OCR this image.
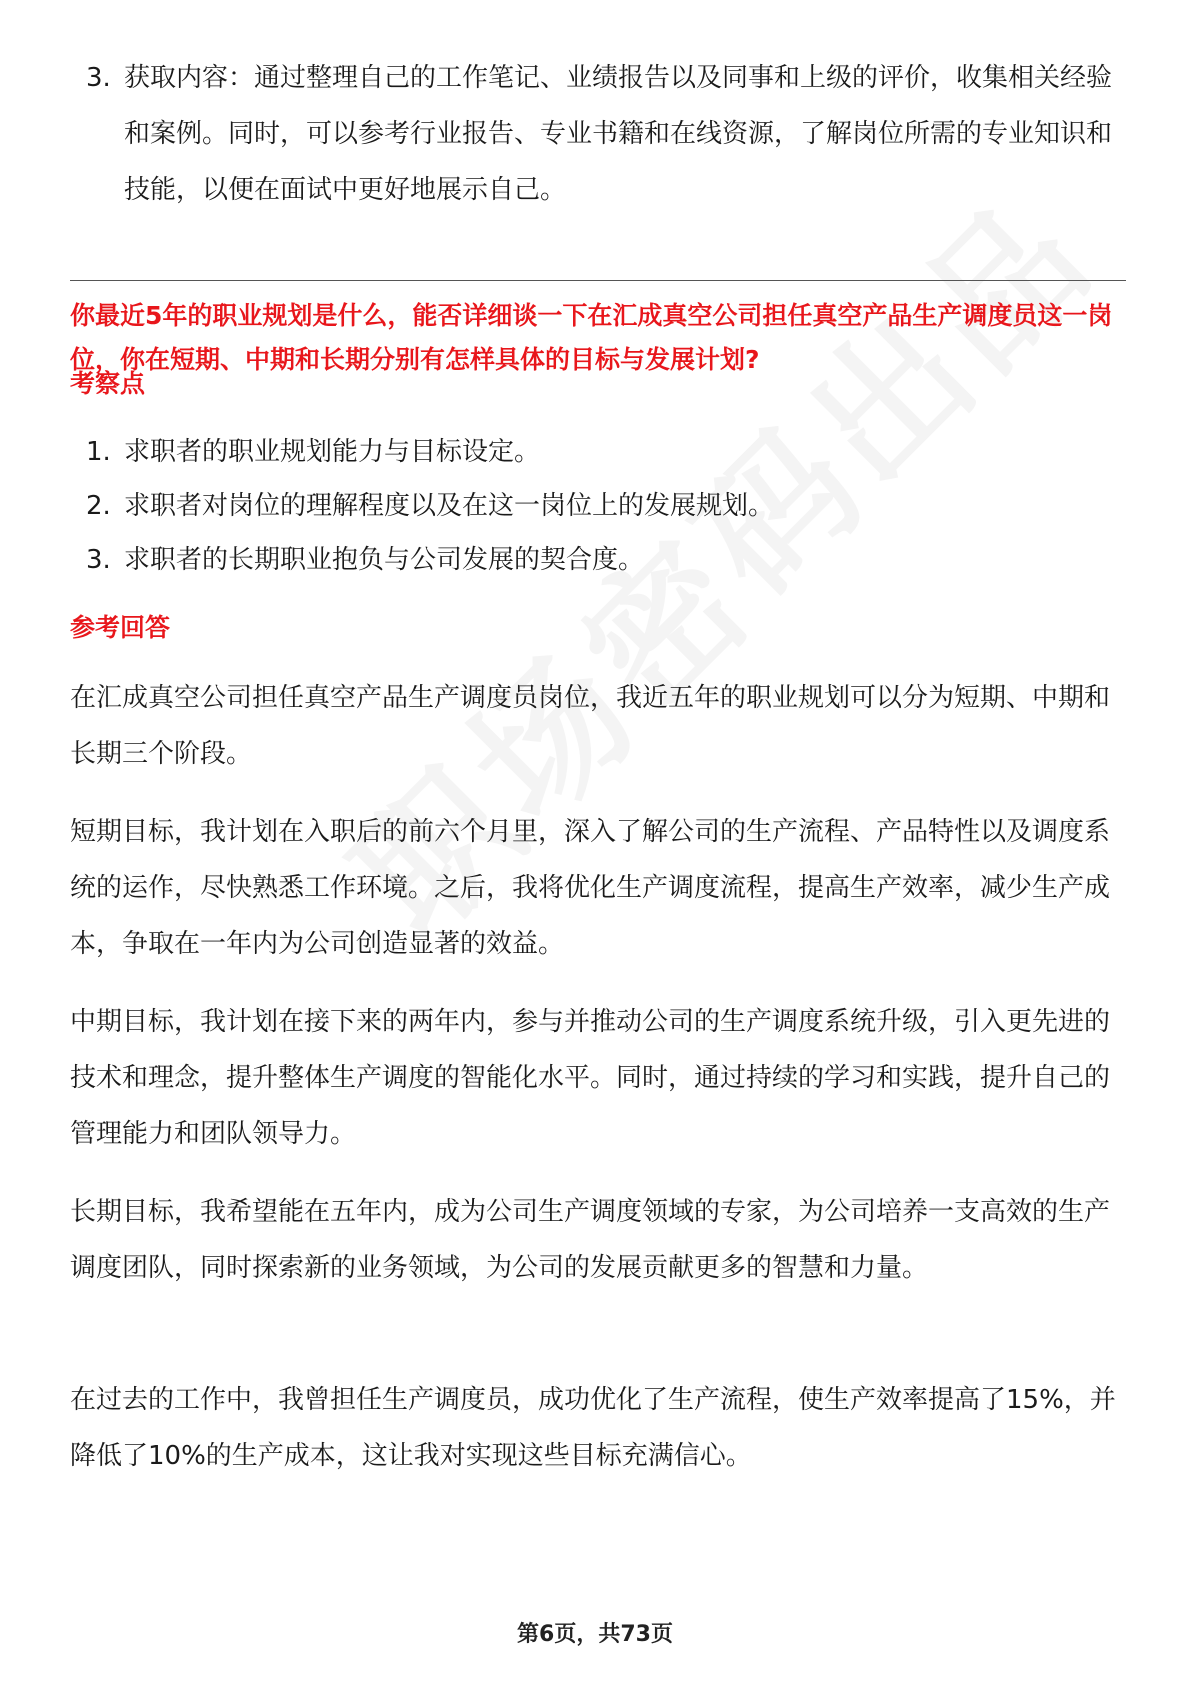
3. 获取内容：通过整理自己的工作笔记、业绩报告以及同事和上级的评价，收集相关经验和案例。同时，可以参考行业报告、专业书籍和在线资源，了解岗位所需的专业知识和技能，以便在面试中更好地展示自己。
你最近5年的职业规划是什么，能否详细谈一下在汇成真空公司担任真空产品生产调度员这一岗位，你在短期、中期和长期分别有怎样具体的目标与发展计划?
考察点
1. 求职者的职业规划能力与目标设定。
2. 求职者对岗位的理解程度以及在这一岗位上的发展规划。
3. 求职者的长期职业抱负与公司发展的契合度。
参考回答
在汇成真空公司担任真空产品生产调度员岗位，我近五年的职业规划可以分为短期、中期和长期三个阶段。
短期目标，我计划在入职后的前六个月里，深入了解公司的生产流程、产品特性以及调度系统的运作，尽快熟悉工作环境。之后，我将优化生产调度流程，提高生产效率，减少生产成本，争取在一年内为公司创造显著的效益。
中期目标，我计划在接下来的两年内，参与并推动公司的生产调度系统升级，引入更先进的技术和理念，提升整体生产调度的智能化水平。同时，通过持续的学习和实践，提升自己的管理能力和团队领导力。
长期目标，我希望能在五年内，成为公司生产调度领域的专家，为公司培养一支高效的生产调度团队，同时探索新的业务领域，为公司的发展贡献更多的智慧和力量。
在过去的工作中，我曾担任生产调度员，成功优化了生产流程，使生产效率提高了15%，并降低了10%的生产成本，这让我对实现这些目标充满信心。
第6页，共73页
